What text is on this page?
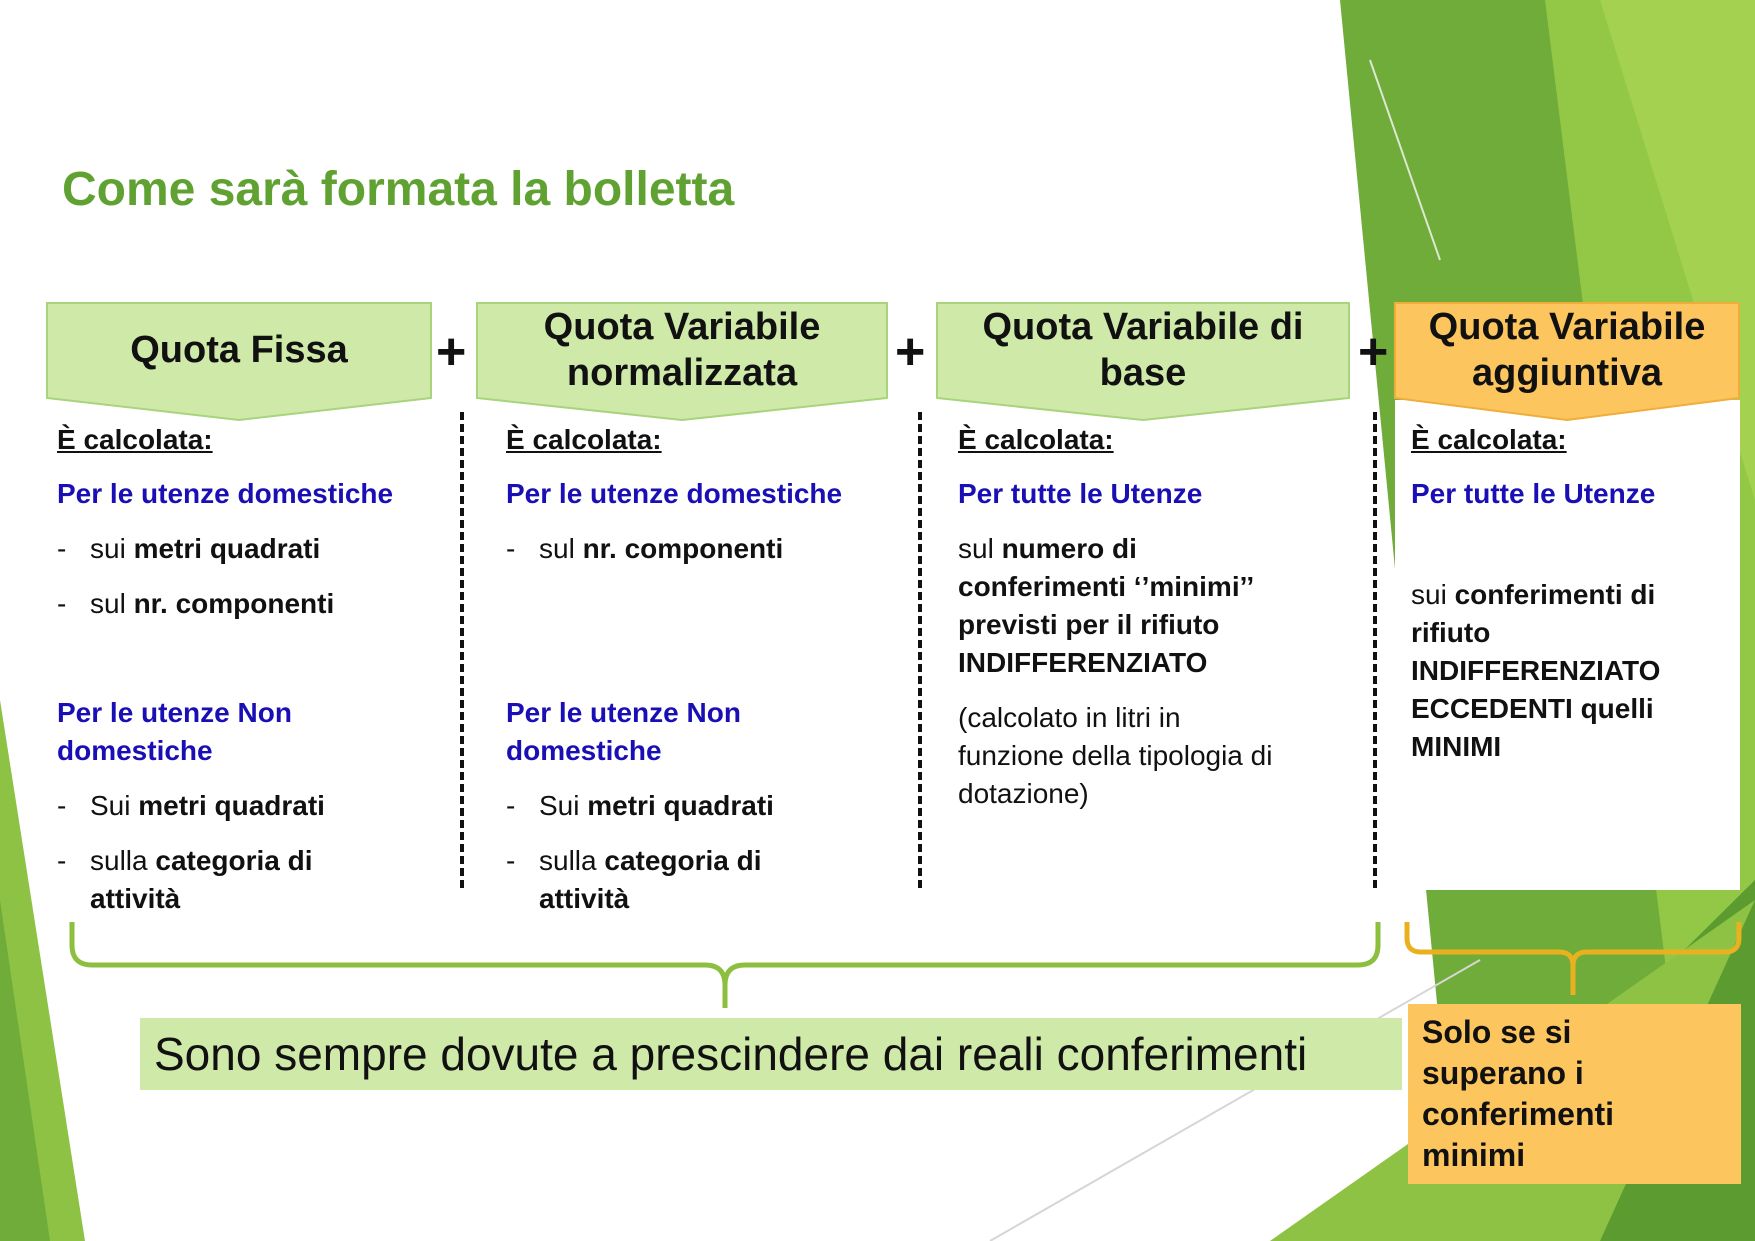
Come sarà formata la bolletta
Quota Fissa
Quota Variabile
normalizzata
Quota Variabile di
base
Quota Variabile
aggiuntiva
+	+	+
È calcolata:
Per le utenze domestiche
- sui metri quadrati
- sul nr. componenti
Per le utenze Non
domestiche
- Sui metri quadrati
- sulla categoria di
attività
È calcolata:
Per le utenze domestiche
- sul nr. componenti
Per le utenze Non
domestiche
- Sui metri quadrati
- sulla categoria di
attività
È calcolata:
Per tutte le Utenze
sul numero di
conferimenti ‘’minimi’’
previsti per il rifiuto
INDIFFERENZIATO
(calcolato in litri in
funzione della tipologia di
dotazione)
È calcolata:
Per tutte le Utenze
sui conferimenti di
rifiuto
INDIFFERENZIATO
ECCEDENTI quelli
MINIMI
Sono sempre dovute a prescindere dai reali conferimenti	Solo se si
superano i
conferimenti
minimi
